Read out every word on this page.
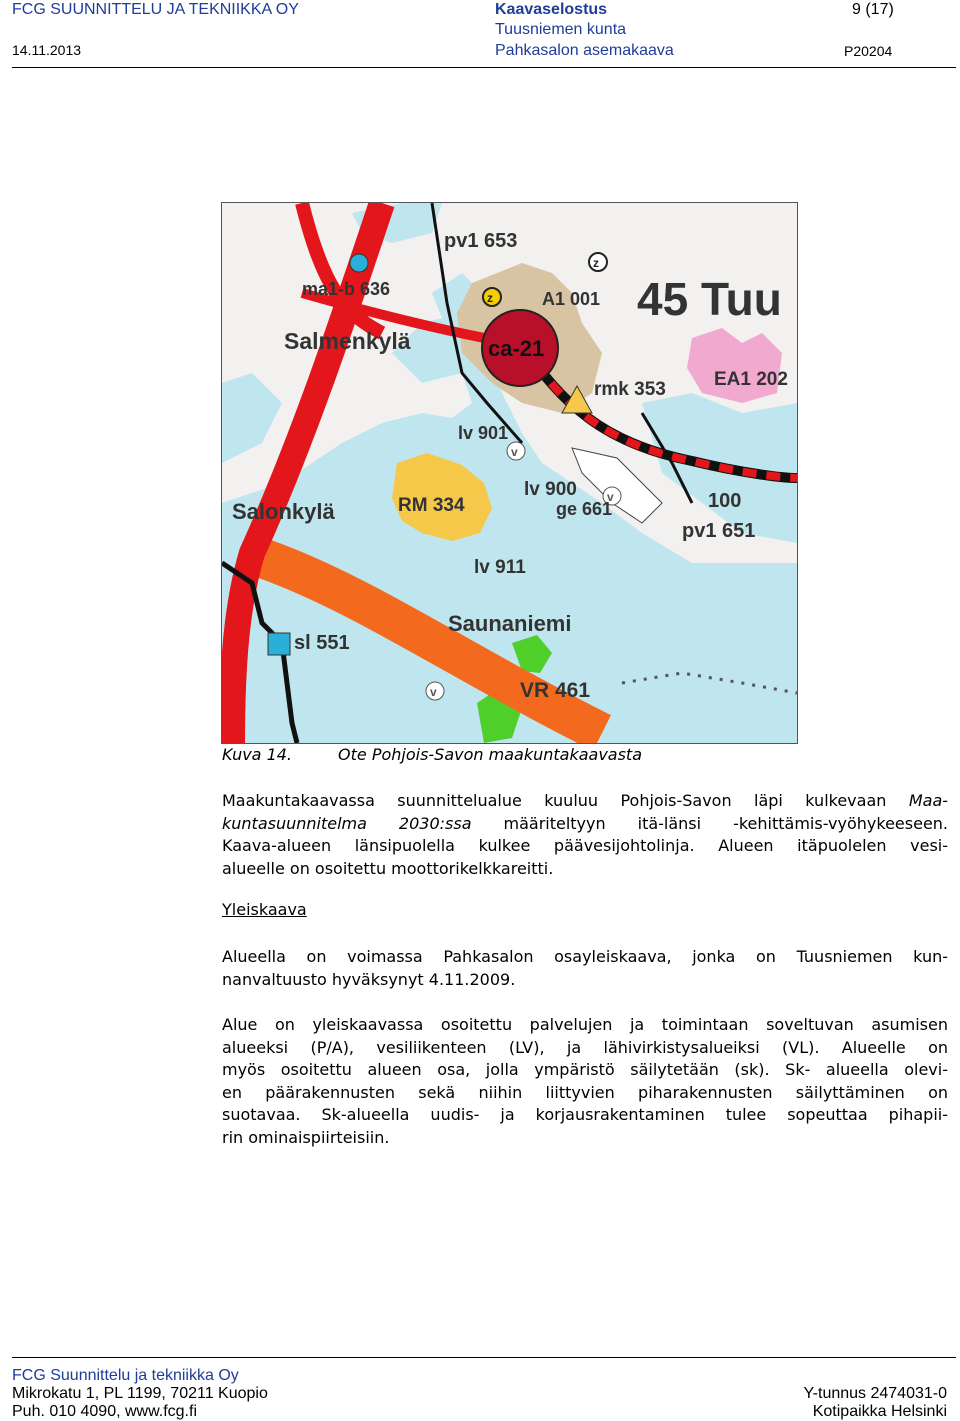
FCG SUUNNITTELU JA TEKNIIKKA OY
14.11.2013
Kaavaselostus
Tuusniemen kunta
Pahkasalon asemakaava
9 (17)
P20204
pv1 653
ma1-b 636	A1 001 45 Tuu
Salmenkylä	ca-21
rmk 353	EA1 202
lv 901
lv 900
ge 661	100
pv1 651
Salonkylä	RM 334
lv 911
Saunaniemi
sl 551
VR 461
z
z
v
v
v
Kuva 14.	Ote Pohjois-Savon maakuntakaavasta
Maakuntakaavassa suunnittelualue kuuluu Pohjois-Savon läpi kulkevaan Maa-
kuntasuunnitelma 2030:ssa määriteltyyn itä-länsi -kehittämis-vyöhykeeseen.
Kaava-alueen länsipuolella kulkee päävesijohtolinja. Alueen itäpuolelen vesi-
alueelle on osoitettu moottorikelkkareitti.
Yleiskaava
Alueella on voimassa Pahkasalon osayleiskaava, jonka on Tuusniemen kun-
nanvaltuusto hyväksynyt 4.11.2009.
Alue on yleiskaavassa osoitettu palvelujen ja toimintaan soveltuvan asumisen
alueeksi (P/A), vesiliikenteen (LV), ja lähivirkistysalueiksi (VL). Alueelle on
myös osoitettu alueen osa, jolla ympäristö säilytetään (sk). Sk- alueella olevi-
en päärakennusten sekä niihin liittyvien piharakennusten säilyttäminen on
suotavaa. Sk-alueella uudis- ja korjausrakentaminen tulee sopeuttaa pihapii-
rin ominaispiirteisiin.
FCG Suunnittelu ja tekniikka Oy
Mikrokatu 1, PL 1199, 70211 Kuopio
Puh. 010 4090, www.fcg.fi
Y-tunnus 2474031-0
Kotipaikka Helsinki
